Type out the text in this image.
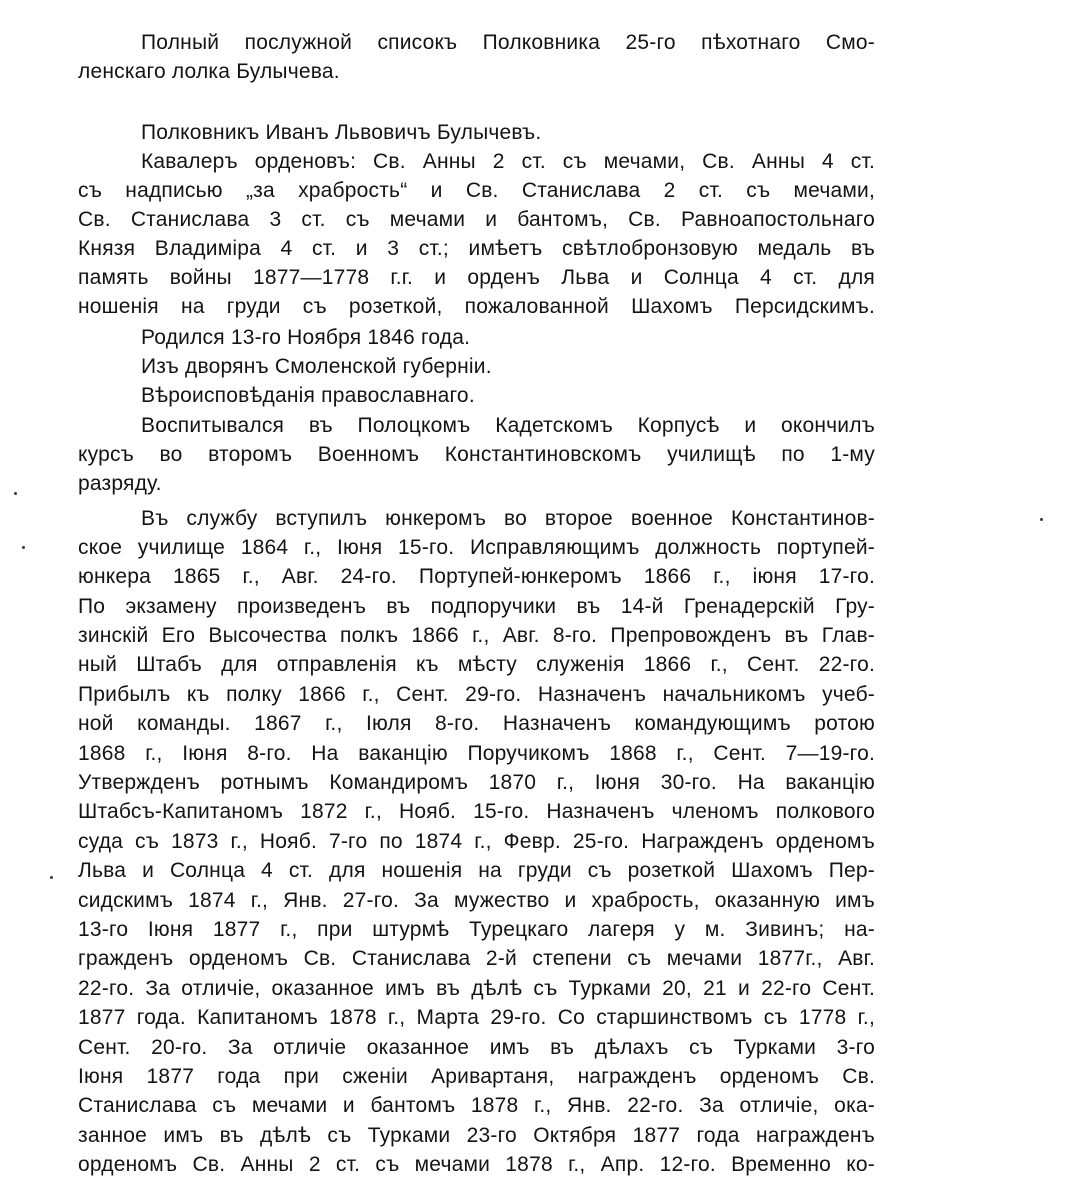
Полный послужной списокъ Полковника 25-го пѣхотнаго Смо-
ленскаго лолка Булычева.
Полковникъ Иванъ Львовичъ Булычевъ.
Кавалеръ орденовъ: Св. Анны 2 ст. съ мечами, Св. Анны 4 ст.
съ надписью „за храбрость“ и Св. Станислава 2 ст. съ мечами,
Св. Станислава 3 ст. съ мечами и бантомъ, Св. Равноапостольнаго
Князя Владиміра 4 ст. и 3 ст.; имѣетъ свѣтлобронзовую медаль въ
память войны 1877—1778 г.г. и орденъ Льва и Солнца 4 ст. для
ношенія на груди съ розеткой, пожалованной Шахомъ Персидскимъ.
Родился 13-го Ноября 1846 года.
Изъ дворянъ Смоленской губерніи.
Вѣроисповѣданія православнаго.
Воспитывался въ Полоцкомъ Кадетскомъ Корпусѣ и окончилъ
курсъ во второмъ Военномъ Константиновскомъ училищѣ по 1-му
разряду.
Въ службу вступилъ юнкеромъ во второе военное Константинов-
ское училище 1864 г., Іюня 15-го. Исправляющимъ должность портупей-
юнкера 1865 г., Авг. 24-го. Портупей-юнкеромъ 1866 г., іюня 17-го.
По экзамену произведенъ въ подпоручики въ 14-й Гренадерскій Гру-
зинскій Его Высочества полкъ 1866 г., Авг. 8-го. Препровожденъ въ Глав-
ный Штабъ для отправленія къ мѣсту служенія 1866 г., Сент. 22-го.
Прибылъ къ полку 1866 г., Сент. 29-го. Назначенъ начальникомъ учеб-
ной команды. 1867 г., Іюля 8-го. Назначенъ командующимъ ротою
1868 г., Іюня 8-го. На ваканцію Поручикомъ 1868 г., Сент. 7—19-го.
Утвержденъ ротнымъ Командиромъ 1870 г., Іюня 30-го. На ваканцію
Штабсъ-Капитаномъ 1872 г., Нояб. 15-го. Назначенъ членомъ полкового
суда съ 1873 г., Нояб. 7-го по 1874 г., Февр. 25-го. Награжденъ орденомъ
Льва и Солнца 4 ст. для ношенія на груди съ розеткой Шахомъ Пер-
сидскимъ 1874 г., Янв. 27-го. За мужество и храбрость, оказанную имъ
13-го Іюня 1877 г., при штурмѣ Турецкаго лагеря у м. Зивинъ; на-
гражденъ орденомъ Св. Станислава 2-й степени съ мечами 1877г., Авг.
22-го. За отличіе, оказанное имъ въ дѣлѣ съ Турками 20, 21 и 22-го Сент.
1877 года. Капитаномъ 1878 г., Марта 29-го. Со старшинствомъ съ 1778 г.,
Сент. 20-го. За отличіе оказанное имъ въ дѣлахъ съ Турками 3-го
Іюня 1877 года при сженіи Аривартаня, награжденъ орденомъ Св.
Станислава съ мечами и бантомъ 1878 г., Янв. 22-го. За отличіе, ока-
занное имъ въ дѣлѣ съ Турками 23-го Октября 1877 года награжденъ
орденомъ Св. Анны 2 ст. съ мечами 1878 г., Апр. 12-го. Временно ко-
